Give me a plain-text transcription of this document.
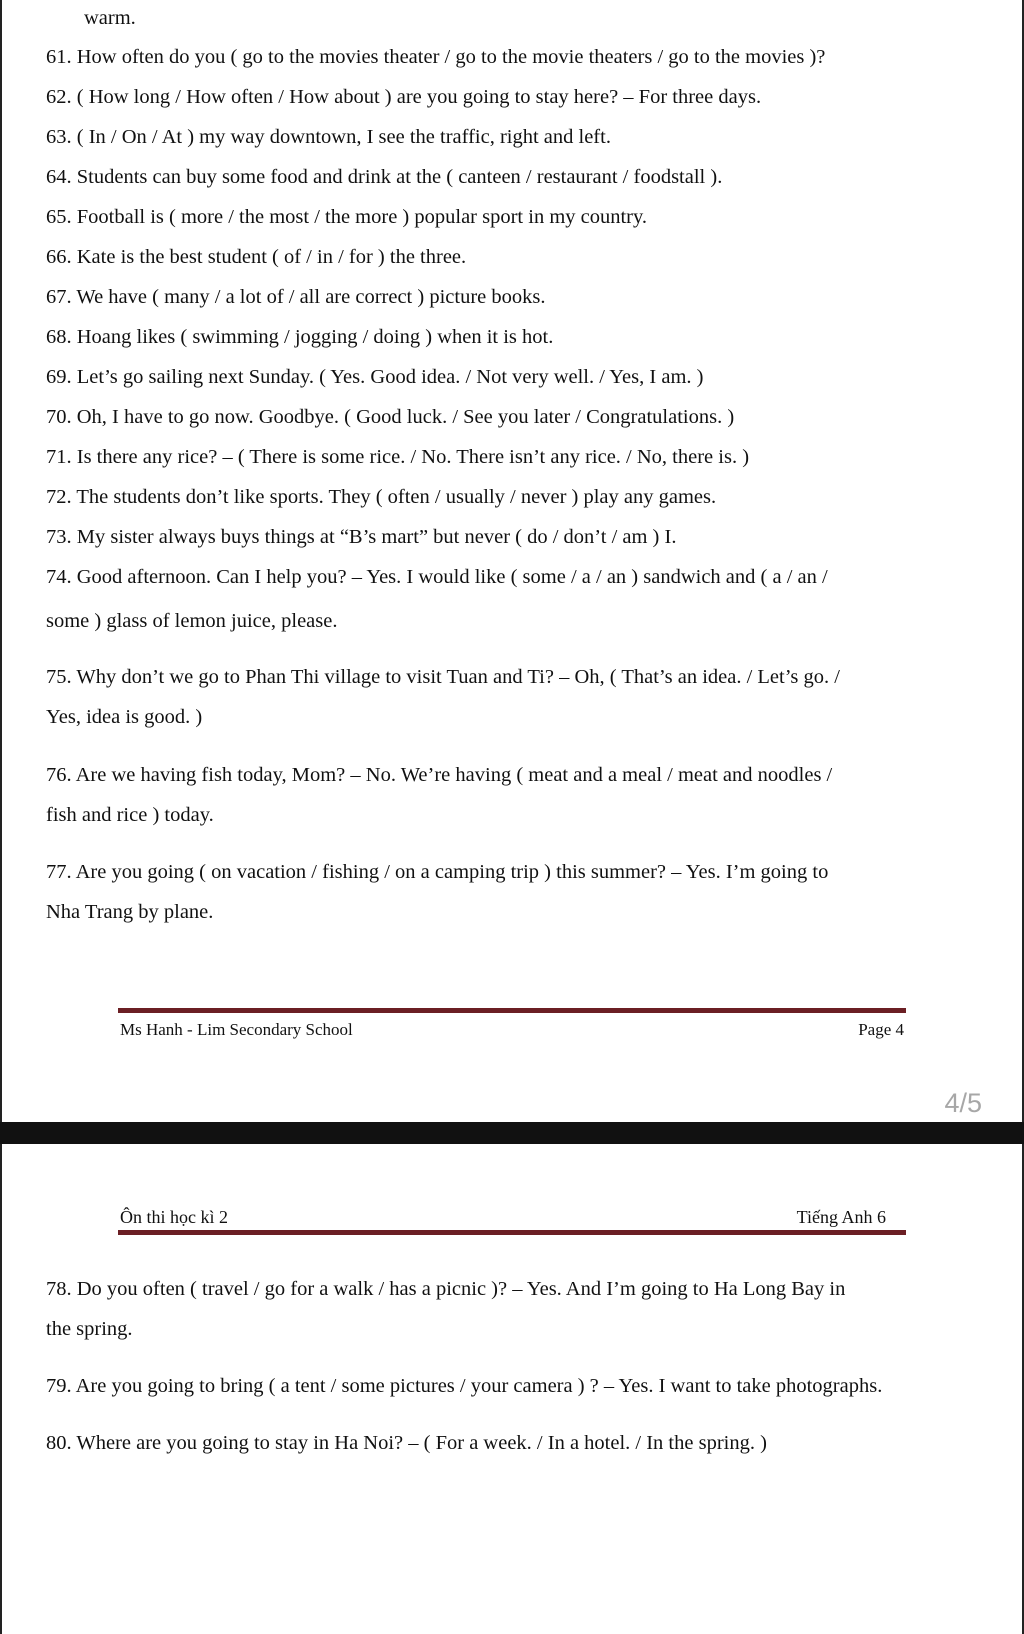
warm.
61. How often do you ( go to the movies theater / go to the movie theaters / go to the movies )?
62. ( How long / How often / How about ) are you going to stay here? – For three days.
63. ( In / On / At ) my way downtown, I see the traffic, right and left.
64. Students can buy some food and drink at the ( canteen / restaurant / foodstall ).
65. Football is ( more / the most / the more ) popular sport in my country.
66. Kate is the best student ( of / in / for ) the three.
67. We have ( many / a lot of / all are correct ) picture books.
68. Hoang likes ( swimming / jogging / doing ) when it is hot.
69. Let’s go sailing next Sunday. ( Yes. Good idea. / Not very well. / Yes, I am. )
70. Oh, I have to go now. Goodbye. ( Good luck. / See you later / Congratulations. )
71. Is there any rice? – ( There is some rice. / No. There isn’t any rice. / No, there is. )
72. The students don’t like sports. They ( often / usually / never ) play any games.
73. My sister always buys things at “B’s mart” but never ( do / don’t / am ) I.
74. Good afternoon. Can I help you? – Yes. I would like ( some / a / an ) sandwich and ( a / an /
some ) glass of lemon juice, please.
75. Why don’t we go to Phan Thi village to visit Tuan and Ti? – Oh, ( That’s an idea. / Let’s go. /
Yes, idea is good. )
76. Are we having fish today, Mom? – No. We’re having ( meat and a meal / meat and noodles /
fish and rice ) today.
77. Are you going ( on vacation / fishing / on a camping trip ) this summer? – Yes. I’m going to
Nha Trang by plane.
Ms Hanh - Lim Secondary School	Page 4
4/5
Ôn thi học kì 2	Tiếng Anh 6
78. Do you often ( travel / go for a walk / has a picnic )? – Yes. And I’m going to Ha Long Bay in
the spring.
79. Are you going to bring ( a tent / some pictures / your camera ) ? – Yes. I want to take photographs.
80. Where are you going to stay in Ha Noi? – ( For a week. / In a hotel. / In the spring. )
